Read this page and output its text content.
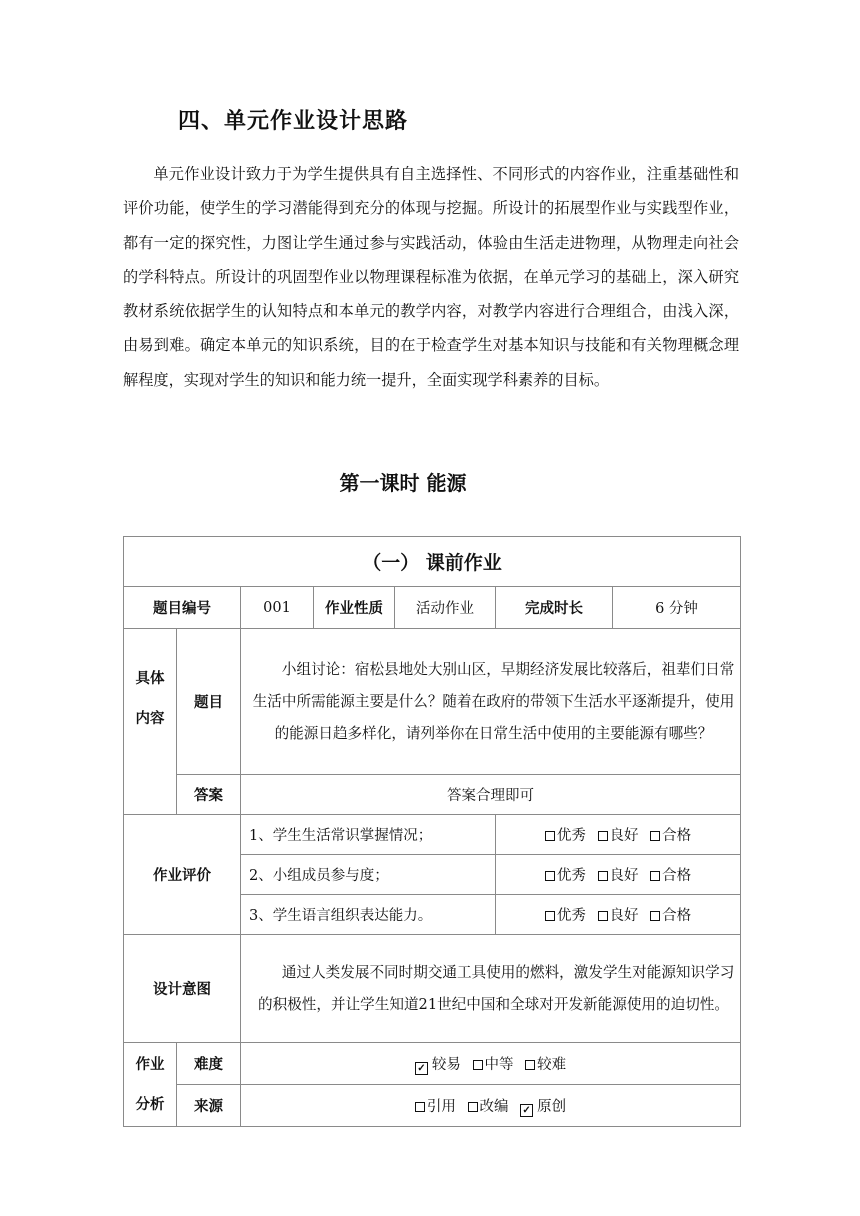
四、单元作业设计思路

单元作业设计致力于为学生提供具有自主选择性、不同形式的内容作业，注重基础性和评价功能，使学生的学习潜能得到充分的体现与挖掘。所设计的拓展型作业与实践型作业，都有一定的探究性，力图让学生通过参与实践活动，体验由生活走进物理，从物理走向社会的学科特点。所设计的巩固型作业以物理课程标准为依据，在单元学习的基础上，深入研究教材系统依据学生的认知特点和本单元的教学内容，对教学内容进行合理组合，由浅入深，由易到难。确定本单元的知识系统，目的在于检查学生对基本知识与技能和有关物理概念理解程度，实现对学生的知识和能力统一提升，全面实现学科素养的目标。

第一课时 能源
（一） 课前作业						
题目编号		001	作业性质	活动作业	完成时长	6 分钟

具体
内容	题目	小组讨论：宿松县地处大别山区，早期经济发展比较落后，祖辈们日常生活中所需能源主要是什么？随着在政府的带领下生活水平逐渐提升，使用的能源日趋多样化，请列举你在日常生活中使用的主要能源有哪些？				
	答案	答案合理即可				
作业评价		1、学生生活常识掌握情况；			优秀 良好 合格	
		2、小组成员参与度；			优秀 良好 合格	
		3、学生语言组织表达能力。			优秀 良好 合格	
设计意图		通过人类发展不同时期交通工具使用的燃料，激发学生对能源知识学习的积极性，并让学生知道21世纪中国和全球对开发新能源使用的迫切性。				

作业
分析	难度	✓ 较易 中等 较难				
	来源	引用 改编 ✓ 原创				
